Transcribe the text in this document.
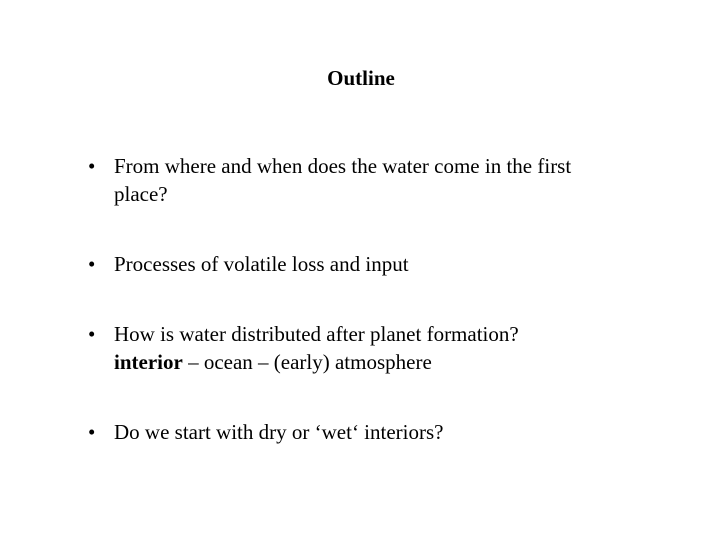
Outline
• From where and when does the water come in the first
place?
• Processes of volatile loss and input
• How is water distributed after planet formation?
interior – ocean – (early) atmosphere
• Do we start with dry or ‘wet‘ interiors?
